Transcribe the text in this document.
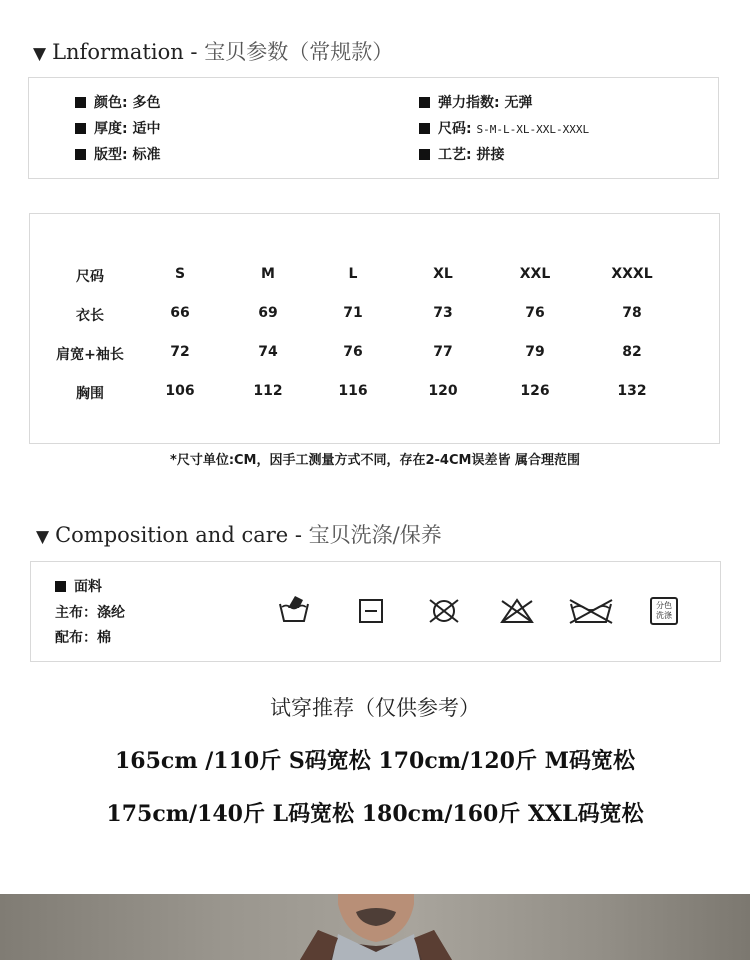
▼ Lnformation - 宝贝参数（常规款）
颜色: 多色
厚度: 适中
版型: 标准
弹力指数: 无弹
尺码: S-M-L-XL-XXL-XXXL
工艺: 拼接
尺码	S	M	L	XL	XXL	XXXL
衣长	66	69	71	73	76	78
肩宽+袖长	72	74	76	77	79	82
胸围	106	112	116	120	126	132
*尺寸单位:CM，因手工测量方式不同，存在2-4CM误差皆 属合理范围
▼ Composition and care - 宝贝洗涤/保养
面料
主布：涤纶
配布：棉
分色
洗涤
试穿推荐（仅供参考）
165cm /110斤 S码宽松 170cm/120斤 M码宽松
175cm/140斤 L码宽松 180cm/160斤 XXL码宽松
